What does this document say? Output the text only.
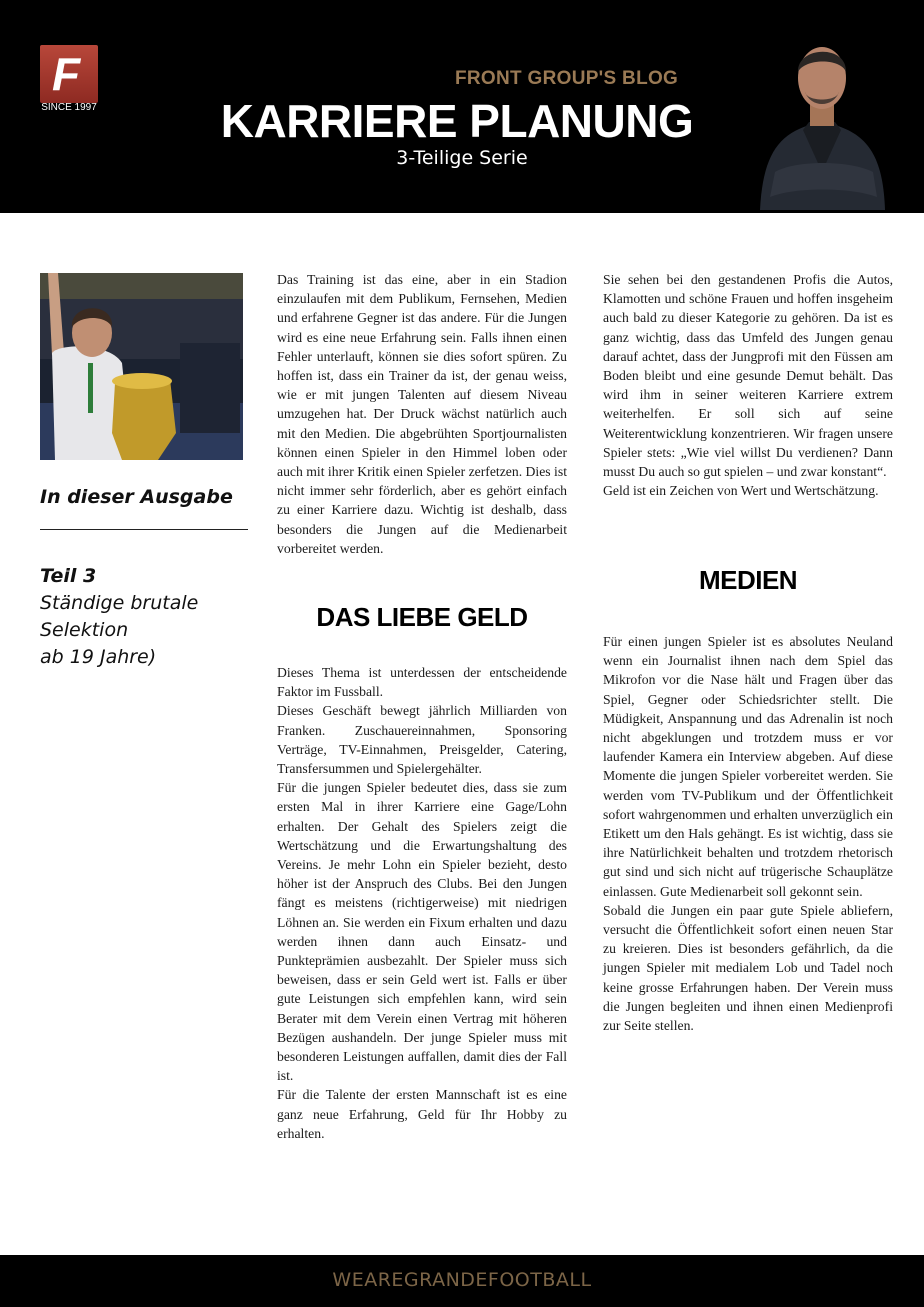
F
SINCE 1997
FRONT GROUP'S BLOG
KARRIERE PLANUNG
3-Teilige Serie
In dieser Ausgabe
Teil 3
Ständige brutale
Selektion
ab 19 Jahre)

Das Training ist das eine, aber in ein Stadion einzulaufen mit dem Publikum, Fernsehen, Medien und erfahrene Gegner ist das andere. Für die Jungen wird es eine neue Erfahrung sein. Falls ihnen einen Fehler unterlauft, können sie dies sofort spüren. Zu hoffen ist, dass ein Trainer da ist, der genau weiss, wie er mit jungen Talenten auf diesem Niveau umzugehen hat. Der Druck wächst natürlich auch mit den Medien. Die abgebrühten Sportjournalisten können einen Spieler in den Himmel loben oder auch mit ihrer Kritik einen Spieler zerfetzen. Dies ist nicht immer sehr förderlich, aber es gehört einfach zu einer Karriere dazu. Wichtig ist deshalb, dass besonders die Jungen auf die Medienarbeit vorbereitet werden.

DAS LIEBE GELD

Dieses Thema ist unterdessen der entscheidende Faktor im Fussball.

Dieses Geschäft bewegt jährlich Milliarden von Franken. Zuschauereinnahmen, Sponsoring Verträge, TV-Einnahmen, Preisgelder, Catering, Transfersummen und Spielergehälter.

Für die jungen Spieler bedeutet dies, dass sie zum ersten Mal in ihrer Karriere eine Gage/Lohn erhalten. Der Gehalt des Spielers zeigt die Wertschätzung und die Erwartungshaltung des Vereins. Je mehr Lohn ein Spieler bezieht, desto höher ist der Anspruch des Clubs. Bei den Jungen fängt es meistens (richtigerweise) mit niedrigen Löhnen an. Sie werden ein Fixum erhalten und dazu werden ihnen dann auch Einsatz- und Punkteprämien ausbezahlt. Der Spieler muss sich beweisen, dass er sein Geld wert ist. Falls er über gute Leistungen sich empfehlen kann, wird sein Berater mit dem Verein einen Vertrag mit höheren Bezügen aushandeln. Der junge Spieler muss mit besonderen Leistungen auffallen, damit dies der Fall ist.

Für die Talente der ersten Mannschaft ist es eine ganz neue Erfahrung, Geld für Ihr Hobby zu erhalten.

Sie sehen bei den gestandenen Profis die Autos, Klamotten und schöne Frauen und hoffen insgeheim auch bald zu dieser Kategorie zu gehören. Da ist es ganz wichtig, dass das Umfeld des Jungen genau darauf achtet, dass der Jungprofi mit den Füssen am Boden bleibt und eine gesunde Demut behält. Das wird ihm in seiner weiteren Karriere extrem weiterhelfen. Er soll sich auf seine Weiterentwicklung konzentrieren. Wir fragen unsere Spieler stets: „Wie viel willst Du verdienen? Dann musst Du auch so gut spielen – und zwar konstant“.

Geld ist ein Zeichen von Wert und Wertschätzung.

MEDIEN

Für einen jungen Spieler ist es absolutes Neuland wenn ein Journalist ihnen nach dem Spiel das Mikrofon vor die Nase hält und Fragen über das Spiel, Gegner oder Schiedsrichter stellt. Die Müdigkeit, Anspannung und das Adrenalin ist noch nicht abgeklungen und trotzdem muss er vor laufender Kamera ein Interview abgeben. Auf diese Momente die jungen Spieler vorbereitet werden. Sie werden vom TV-Publikum und der Öffentlichkeit sofort wahrgenommen und erhalten unverzüglich ein Etikett um den Hals gehängt. Es ist wichtig, dass sie ihre Natürlichkeit behalten und trotzdem rhetorisch gut sind und sich nicht auf trügerische Schauplätze einlassen. Gute Medienarbeit soll gekonnt sein.

Sobald die Jungen ein paar gute Spiele abliefern, versucht die Öffentlichkeit sofort einen neuen Star zu kreieren. Dies ist besonders gefährlich, da die jungen Spieler mit medialem Lob und Tadel noch keine grosse Erfahrungen haben. Der Verein muss die Jungen begleiten und ihnen einen Medienprofi zur Seite stellen.

WEAREGRANDEFOOTBALL
